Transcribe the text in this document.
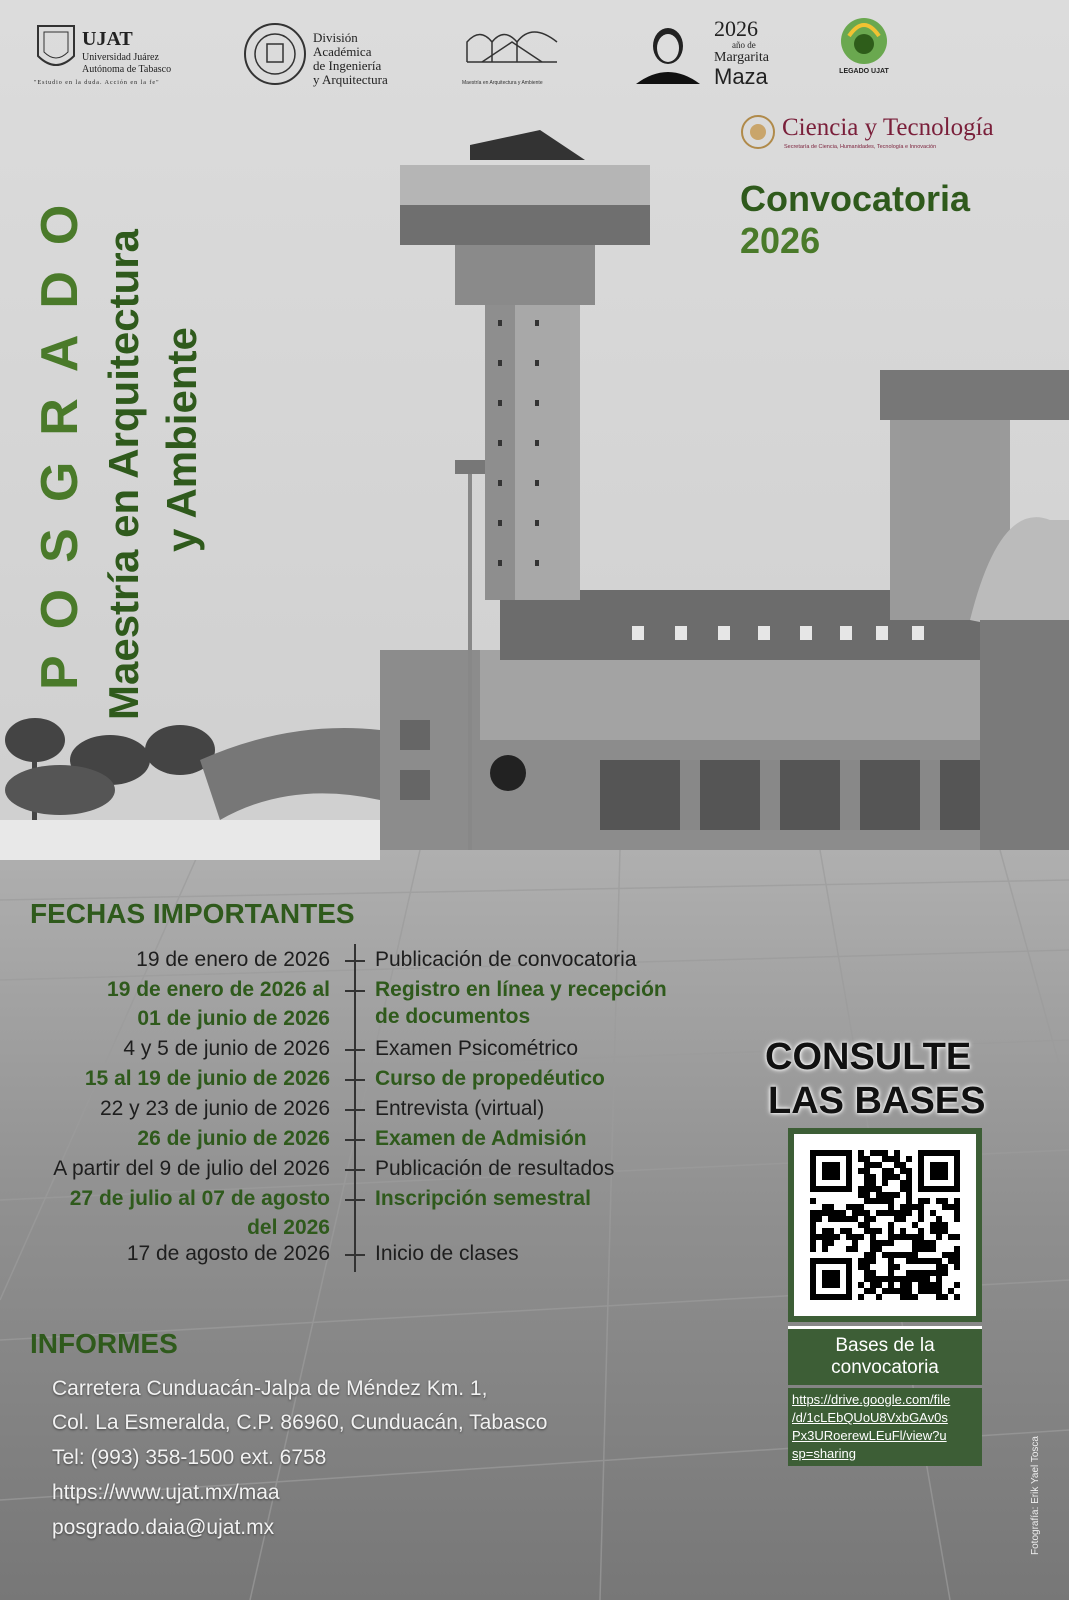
UJAT
Universidad Juárez
Autónoma de Tabasco
"Estudio en la duda. Acción en la fe"
División
Académica
de Ingeniería
y Arquitectura	Maestría en Arquitectura y Ambiente
2026
año de
Margarita
Maza	LEGADO UJAT
Ciencia y Tecnología
Secretaría de Ciencia, Humanidades, Tecnología e Innovación
Convocatoria
2026
POSGRADO Maestría en Arquitectura y Ambiente
FECHAS IMPORTANTES
19 de enero de 2026 Publicación de convocatoria
19 de enero de 2026 al
01 de junio de 2026
Registro en línea y recepción
de documentos
4 y 5 de junio de 2026 Examen Psicométrico
15 al 19 de junio de 2026 Curso de propedéutico
22 y 23 de junio de 2026 Entrevista (virtual)
26 de junio de 2026 Examen de Admisión
A partir del 9 de julio del 2026 Publicación de resultados
27 de julio al 07 de agosto
del 2026
Inscripción semestral
17 de agosto de 2026 Inicio de clases
INFORMES
Carretera Cunduacán-Jalpa de Méndez Km. 1,
Col. La Esmeralda, C.P. 86960, Cunduacán, Tabasco
Tel: (993) 358-1500 ext. 6758
https://www.ujat.mx/maa
posgrado.daia@ujat.mx
CONSULTE
LAS BASES
Bases de la
convocatoria
https://drive.google.com/file
/d/1cLEbQUoU8VxbGAv0s
Px3URoerewLEuFl/view?u
sp=sharing	Fotografía: Erik Yael Tosca
